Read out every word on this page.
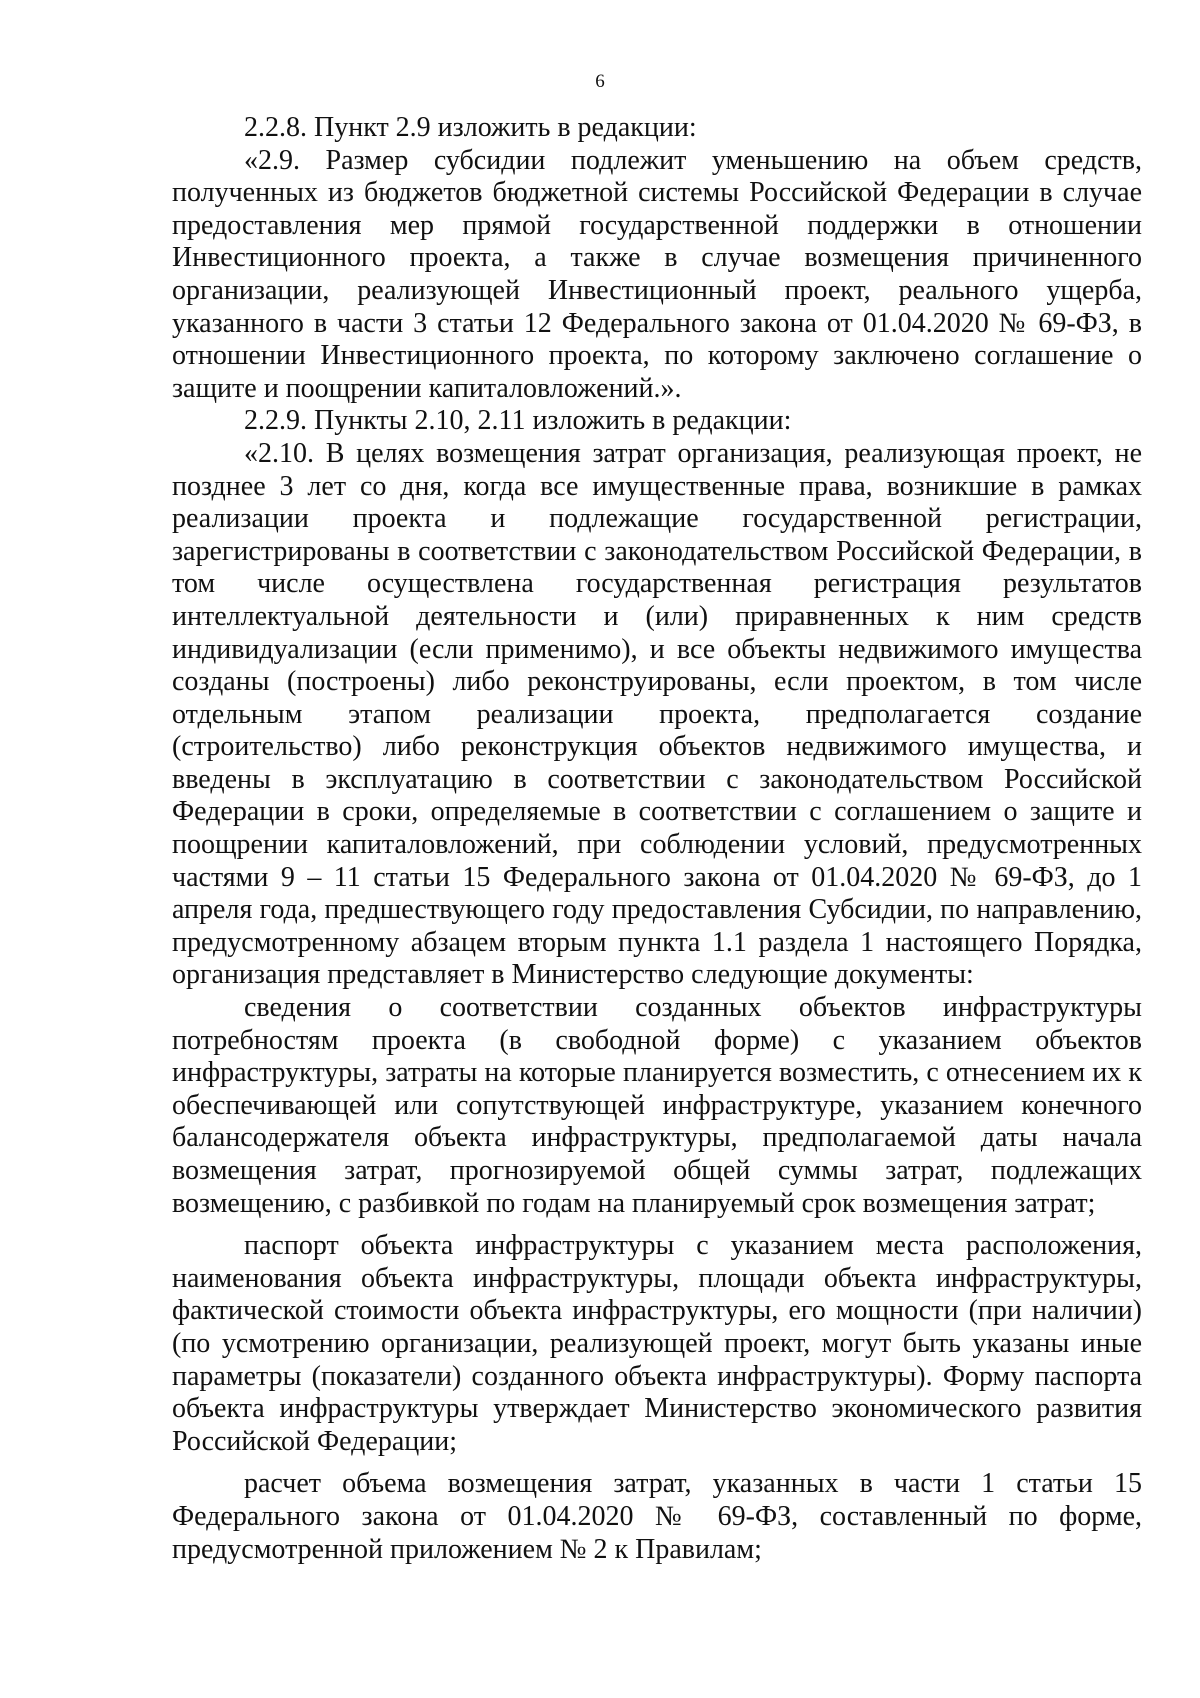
6

2.2.8. Пункт 2.9 изложить в редакции:

«2.9. Размер субсидии подлежит уменьшению на объем средств, полученных из бюджетов бюджетной системы Российской Федерации в случае предоставления мер прямой государственной поддержки в отношении Инвестиционного проекта, а также в случае возмещения причиненного организации, реализующей Инвестиционный проект, реального ущерба, указанного в части 3 статьи 12 Федерального закона от 01.04.2020 № 69-ФЗ, в отношении Инвестиционного проекта, по которому заключено соглашение о защите и поощрении капиталовложений.».

2.2.9. Пункты 2.10, 2.11 изложить в редакции:

«2.10. В целях возмещения затрат организация, реализующая проект, не позднее 3 лет со дня, когда все имущественные права, возникшие в рамках реализации проекта и подлежащие государственной регистрации, зарегистрированы в соответствии с законодательством Российской Федерации, в том числе осуществлена государственная регистрация результатов интеллектуальной деятельности и (или) приравненных к ним средств индивидуализации (если применимо), и все объекты недвижимого имущества созданы (построены) либо реконструированы, если проектом, в том числе отдельным этапом реализации проекта, предполагается создание (строительство) либо реконструкция объектов недвижимого имущества, и введены в эксплуатацию в соответствии с законодательством Российской Федерации в сроки, определяемые в соответствии с соглашением о защите и поощрении капиталовложений, при соблюдении условий, предусмотренных частями 9 – 11 статьи 15 Федерального закона от 01.04.2020 № 69-ФЗ, до 1 апреля года, предшествующего году предоставления Субсидии, по направлению, предусмотренному абзацем вторым пункта 1.1 раздела 1 настоящего Порядка, организация представляет в Министерство следующие документы:

сведения о соответствии созданных объектов инфраструктуры потребностям проекта (в свободной форме) с указанием объектов инфраструктуры, затраты на которые планируется возместить, с отнесением их к обеспечивающей или сопутствующей инфраструктуре, указанием конечного балансодержателя объекта инфраструктуры, предполагаемой даты начала возмещения затрат, прогнозируемой общей суммы затрат, подлежащих возмещению, с разбивкой по годам на планируемый срок возмещения затрат;

паспорт объекта инфраструктуры с указанием места расположения, наименования объекта инфраструктуры, площади объекта инфраструктуры, фактической стоимости объекта инфраструктуры, его мощности (при наличии) (по усмотрению организации, реализующей проект, могут быть указаны иные параметры (показатели) созданного объекта инфраструктуры). Форму паспорта объекта инфраструктуры утверждает Министерство экономического развития Российской Федерации;

расчет объема возмещения затрат, указанных в части 1 статьи 15 Федерального закона от 01.04.2020 № 69-ФЗ, составленный по форме, предусмотренной приложением № 2 к Правилам;
